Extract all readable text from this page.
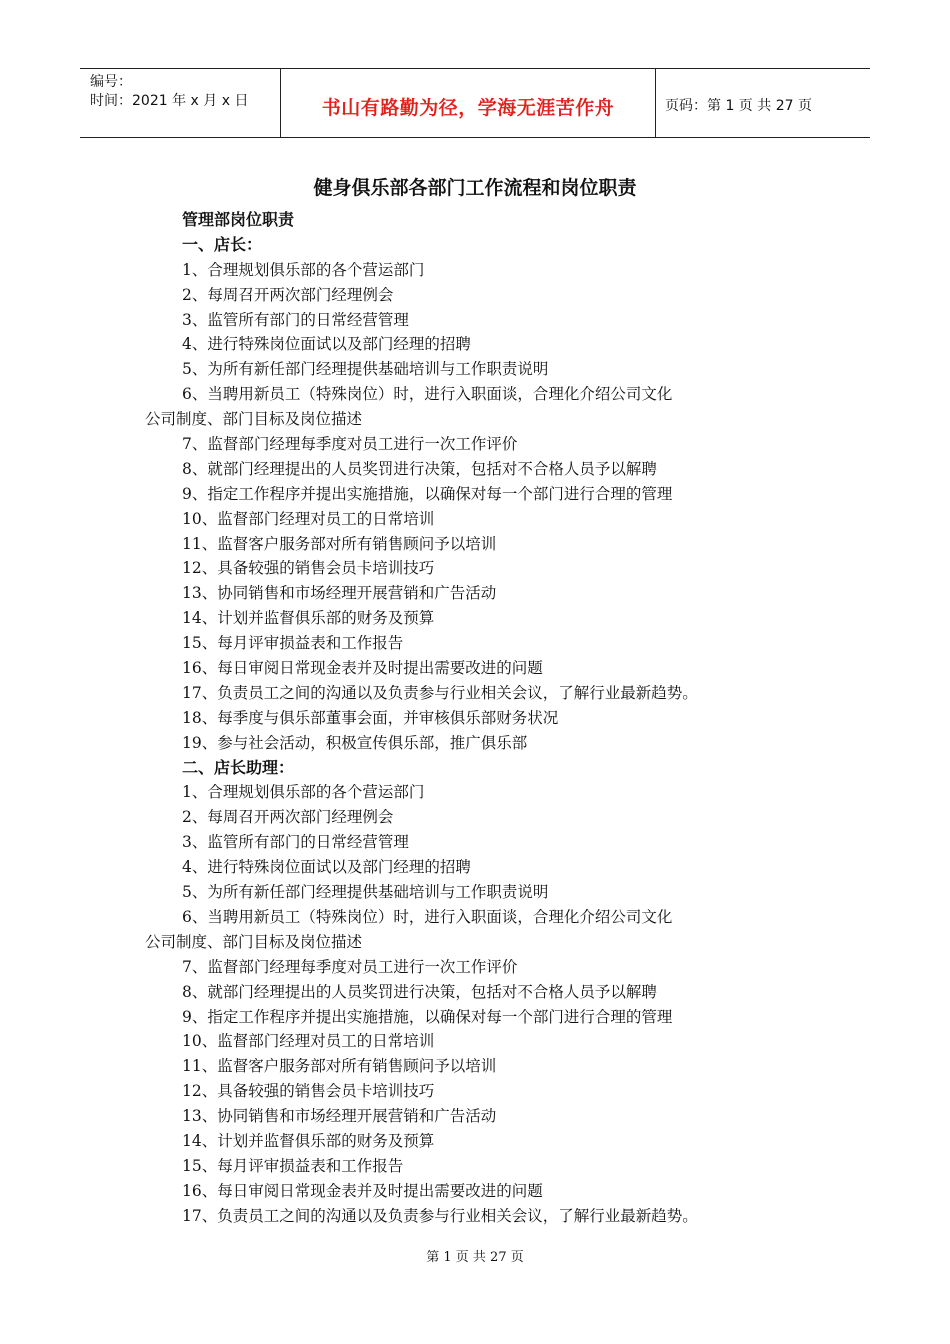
编号：
时间：2021 年 x 月 x 日	书山有路勤为径，学海无涯苦作舟	页码：第 1 页 共 27 页
健身俱乐部各部门工作流程和岗位职责
管理部岗位职责
一、店长：
1、合理规划俱乐部的各个营运部门
2、每周召开两次部门经理例会
3、监管所有部门的日常经营管理
4、进行特殊岗位面试以及部门经理的招聘
5、为所有新任部门经理提供基础培训与工作职责说明
6、当聘用新员工（特殊岗位）时，进行入职面谈，合理化介绍公司文化
公司制度、部门目标及岗位描述
7、监督部门经理每季度对员工进行一次工作评价
8、就部门经理提出的人员奖罚进行决策，包括对不合格人员予以解聘
9、指定工作程序并提出实施措施，以确保对每一个部门进行合理的管理
10、监督部门经理对员工的日常培训
11、监督客户服务部对所有销售顾问予以培训
12、具备较强的销售会员卡培训技巧
13、协同销售和市场经理开展营销和广告活动
14、计划并监督俱乐部的财务及预算
15、每月评审损益表和工作报告
16、每日审阅日常现金表并及时提出需要改进的问题
17、负责员工之间的沟通以及负责参与行业相关会议，了解行业最新趋势。
18、每季度与俱乐部董事会面，并审核俱乐部财务状况
19、参与社会活动，积极宣传俱乐部，推广俱乐部
二、店长助理：
1、合理规划俱乐部的各个营运部门
2、每周召开两次部门经理例会
3、监管所有部门的日常经营管理
4、进行特殊岗位面试以及部门经理的招聘
5、为所有新任部门经理提供基础培训与工作职责说明
6、当聘用新员工（特殊岗位）时，进行入职面谈，合理化介绍公司文化
公司制度、部门目标及岗位描述
7、监督部门经理每季度对员工进行一次工作评价
8、就部门经理提出的人员奖罚进行决策，包括对不合格人员予以解聘
9、指定工作程序并提出实施措施，以确保对每一个部门进行合理的管理
10、监督部门经理对员工的日常培训
11、监督客户服务部对所有销售顾问予以培训
12、具备较强的销售会员卡培训技巧
13、协同销售和市场经理开展营销和广告活动
14、计划并监督俱乐部的财务及预算
15、每月评审损益表和工作报告
16、每日审阅日常现金表并及时提出需要改进的问题
17、负责员工之间的沟通以及负责参与行业相关会议，了解行业最新趋势。
第 1 页 共 27 页
